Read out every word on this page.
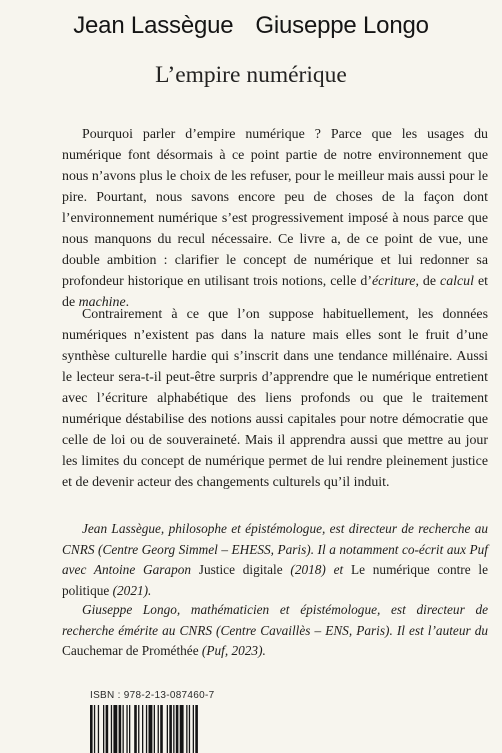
Jean Lassègue Giuseppe Longo
L’empire numérique

Pourquoi parler d’empire numérique ? Parce que les usages du numérique font désormais à ce point partie de notre environnement que nous n’avons plus le choix de les refuser, pour le meilleur mais aussi pour le pire. Pourtant, nous savons encore peu de choses de la façon dont l’environnement numérique s’est progressivement imposé à nous parce que nous manquons du recul nécessaire. Ce livre a, de ce point de vue, une double ambition : clarifier le concept de numérique et lui redonner sa profondeur historique en utilisant trois notions, celle d’écriture, de calcul et de machine.

Contrairement à ce que l’on suppose habituellement, les données numériques n’existent pas dans la nature mais elles sont le fruit d’une synthèse culturelle hardie qui s’inscrit dans une tendance millénaire. Aussi le lecteur sera-t-il peut-être surpris d’apprendre que le numérique entretient avec l’écriture alphabétique des liens profonds ou que le traitement numérique déstabilise des notions aussi capitales pour notre démocratie que celle de loi ou de souveraineté. Mais il apprendra aussi que mettre au jour les limites du concept de numérique permet de lui rendre pleinement justice et de devenir acteur des changements culturels qu’il induit.

Jean Lassègue, philosophe et épistémologue, est directeur de recherche au CNRS (Centre Georg Simmel – EHESS, Paris). Il a notamment co-écrit aux Puf avec Antoine Garapon Justice digitale (2018) et Le numérique contre le politique (2021).

Giuseppe Longo, mathématicien et épistémologue, est directeur de recherche émérite au CNRS (Centre Cavaillès – ENS, Paris). Il est l’auteur du Cauchemar de Prométhée (Puf, 2023).

ISBN : 978-2-13-087460-7
